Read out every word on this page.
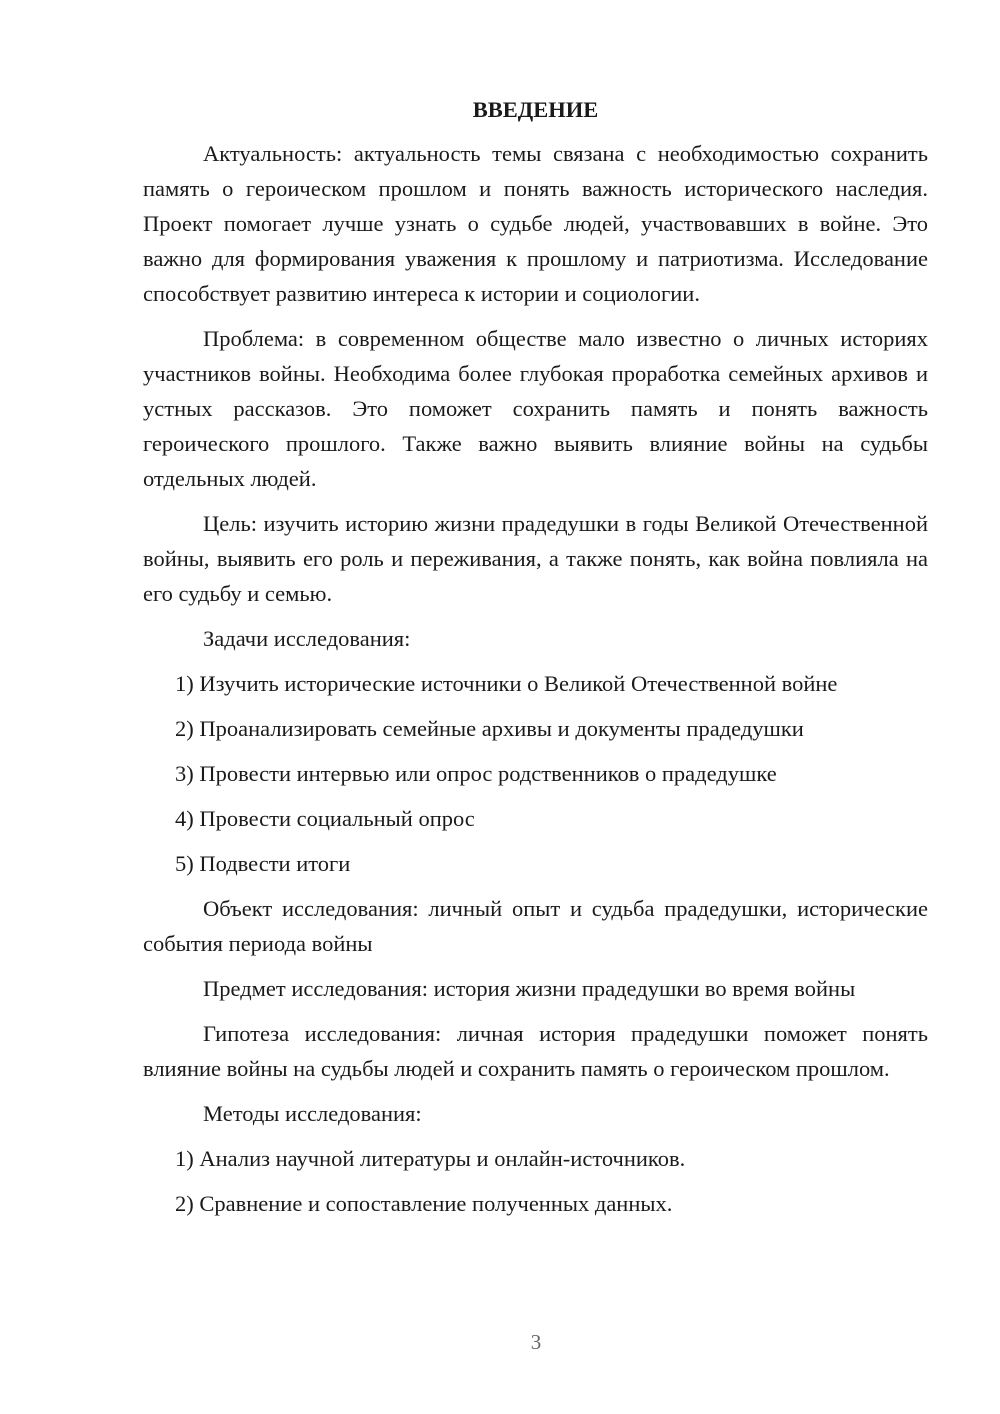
ВВЕДЕНИЕ

Актуальность: актуальность темы связана с необходимостью сохранить память о героическом прошлом и понять важность исторического наследия. Проект помогает лучше узнать о судьбе людей, участвовавших в войне. Это важно для формирования уважения к прошлому и патриотизма. Исследование способствует развитию интереса к истории и социологии.

Проблема: в современном обществе мало известно о личных историях участников войны. Необходима более глубокая проработка семейных архивов и устных рассказов. Это поможет сохранить память и понять важность героического прошлого. Также важно выявить влияние войны на судьбы отдельных людей.

Цель: изучить историю жизни прадедушки в годы Великой Отечественной войны, выявить его роль и переживания, а также понять, как война повлияла на его судьбу и семью.

Задачи исследования:

1) Изучить исторические источники о Великой Отечественной войне
2) Проанализировать семейные архивы и документы прадедушки
3) Провести интервью или опрос родственников о прадедушке
4) Провести социальный опрос
5) Подвести итоги

Объект исследования: личный опыт и судьба прадедушки, исторические события периода войны

Предмет исследования: история жизни прадедушки во время войны

Гипотеза исследования: личная история прадедушки поможет понять влияние войны на судьбы людей и сохранить память о героическом прошлом.

Методы исследования:

1) Анализ научной литературы и онлайн-источников.
2) Сравнение и сопоставление полученных данных.
3
